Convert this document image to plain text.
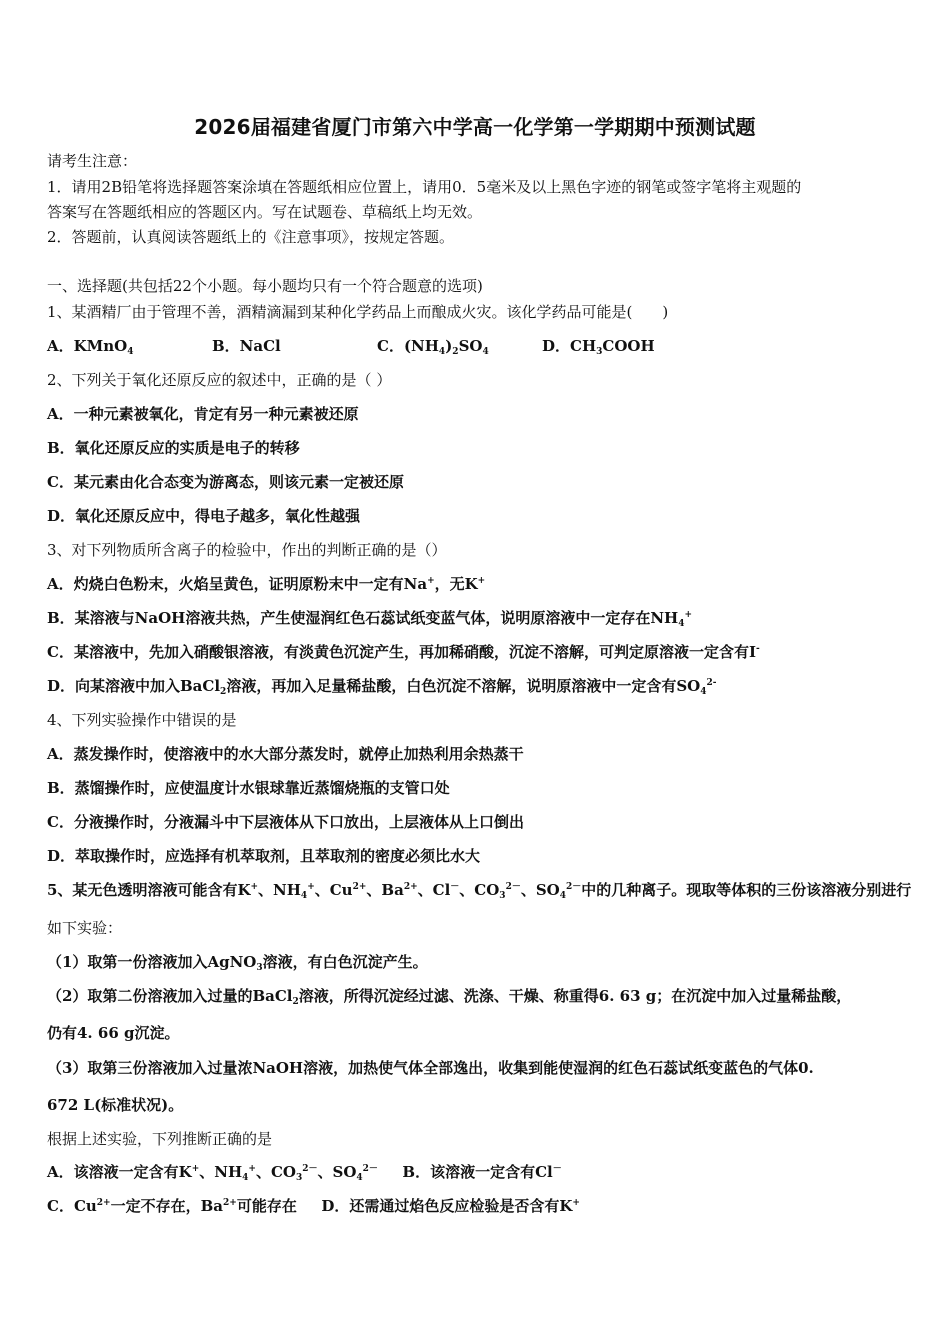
2026届福建省厦门市第六中学高一化学第一学期期中预测试题
请考生注意：
1．请用2B铅笔将选择题答案涂填在答题纸相应位置上，请用0．5毫米及以上黑色字迹的钢笔或签字笔将主观题的
答案写在答题纸相应的答题区内。写在试题卷、草稿纸上均无效。
2．答题前，认真阅读答题纸上的《注意事项》，按规定答题。
一、选择题(共包括22个小题。每小题均只有一个符合题意的选项)
1、某酒精厂由于管理不善，酒精滴漏到某种化学药品上而酿成火灾。该化学药品可能是(　　)
A．KMnO$_4$	B．NaCl	C．$(NH_4)_2SO_4$	D．$CH_3COOH$
2、下列关于氧化还原反应的叙述中，正确的是（ ）
A．一种元素被氧化，肯定有另一种元素被还原
B．氧化还原反应的实质是电子的转移
C．某元素由化合态变为游离态，则该元素一定被还原
D．氧化还原反应中，得电子越多，氧化性越强
3、对下列物质所含离子的检验中，作出的判断正确的是（）
A．灼烧白色粉末，火焰呈黄色，证明原粉末中一定有Na+，无K+
B．某溶液与NaOH溶液共热，产生使湿润红色石蕊试纸变蓝气体，说明原溶液中一定存在$NH_4^+$
C．某溶液中，先加入硝酸银溶液，有淡黄色沉淀产生，再加稀硝酸，沉淀不溶解，可判定原溶液一定含有I-
D．向某溶液中加入BaCl$_2$溶液，再加入足量稀盐酸，白色沉淀不溶解，说明原溶液中一定含有$SO_4^{2-}$
4、下列实验操作中错误的是
A．蒸发操作时，使溶液中的水大部分蒸发时，就停止加热利用余热蒸干
B．蒸馏操作时，应使温度计水银球靠近蒸馏烧瓶的支管口处
C．分液操作时，分液漏斗中下层液体从下口放出，上层液体从上口倒出
D．萃取操作时，应选择有机萃取剂，且萃取剂的密度必须比水大
5、某无色透明溶液可能含有K+、$NH_4^+$、$Cu^{2+}$、$Ba^{2+}$、Cl－、$CO_3^{2-}$、$SO_4^{2-}$中的几种离子。现取等体积的三份该溶液分别进行
如下实验：
（1）取第一份溶液加入AgNO$_3$溶液，有白色沉淀产生。
（2）取第二份溶液加入过量的BaCl$_2$溶液，所得沉淀经过滤、洗涤、干燥、称重得6. 63 g；在沉淀中加入过量稀盐酸，
仍有4. 66 g沉淀。
（3）取第三份溶液加入过量浓NaOH溶液，加热使气体全部逸出，收集到能使湿润的红色石蕊试纸变蓝色的气体0.
672 L(标准状况)。
根据上述实验，下列推断正确的是
A．该溶液一定含有K+、$NH_4^+$、$CO_3^{2-}$、$SO_4^{2-}$ B．该溶液一定含有Cl－
C．$Cu^{2+}$一定不存在，$Ba^{2+}$可能存在 D．还需通过焰色反应检验是否含有K+
